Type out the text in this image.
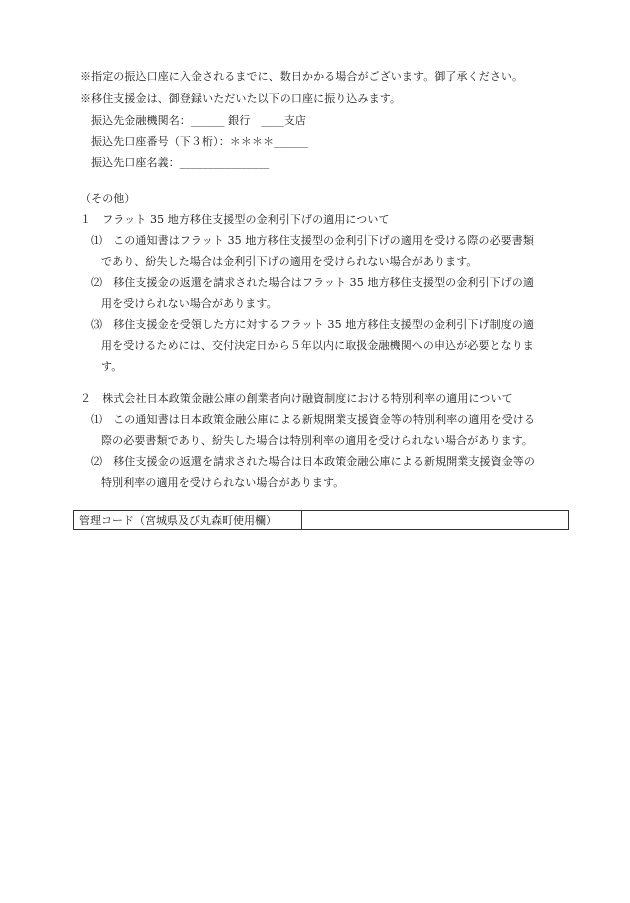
※指定の振込口座に入金されるまでに、数日かかる場合がございます。御了承ください。
※移住支援金は、御登録いただいた以下の口座に振り込みます。
振込先金融機関名：______ 銀行　____支店
振込先口座番号（下３桁）：＊＊＊＊______
振込先口座名義：________________
（その他）
１　フラット 35 地方移住支援型の金利引下げの適用について
⑴　この通知書はフラット 35 地方移住支援型の金利引下げの適用を受ける際の必要書類
であり、紛失した場合は金利引下げの適用を受けられない場合があります。
⑵　移住支援金の返還を請求された場合はフラット 35 地方移住支援型の金利引下げの適
用を受けられない場合があります。
⑶　移住支援金を受領した方に対するフラット 35 地方移住支援型の金利引下げ制度の適
用を受けるためには、交付決定日から５年以内に取扱金融機関への申込が必要となりま
す。
２　株式会社日本政策金融公庫の創業者向け融資制度における特別利率の適用について
⑴　この通知書は日本政策金融公庫による新規開業支援資金等の特別利率の適用を受ける
際の必要書類であり、紛失した場合は特別利率の適用を受けられない場合があります。
⑵　移住支援金の返還を請求された場合は日本政策金融公庫による新規開業支援資金等の
特別利率の適用を受けられない場合があります。
管理コード（宮城県及び丸森町使用欄）
